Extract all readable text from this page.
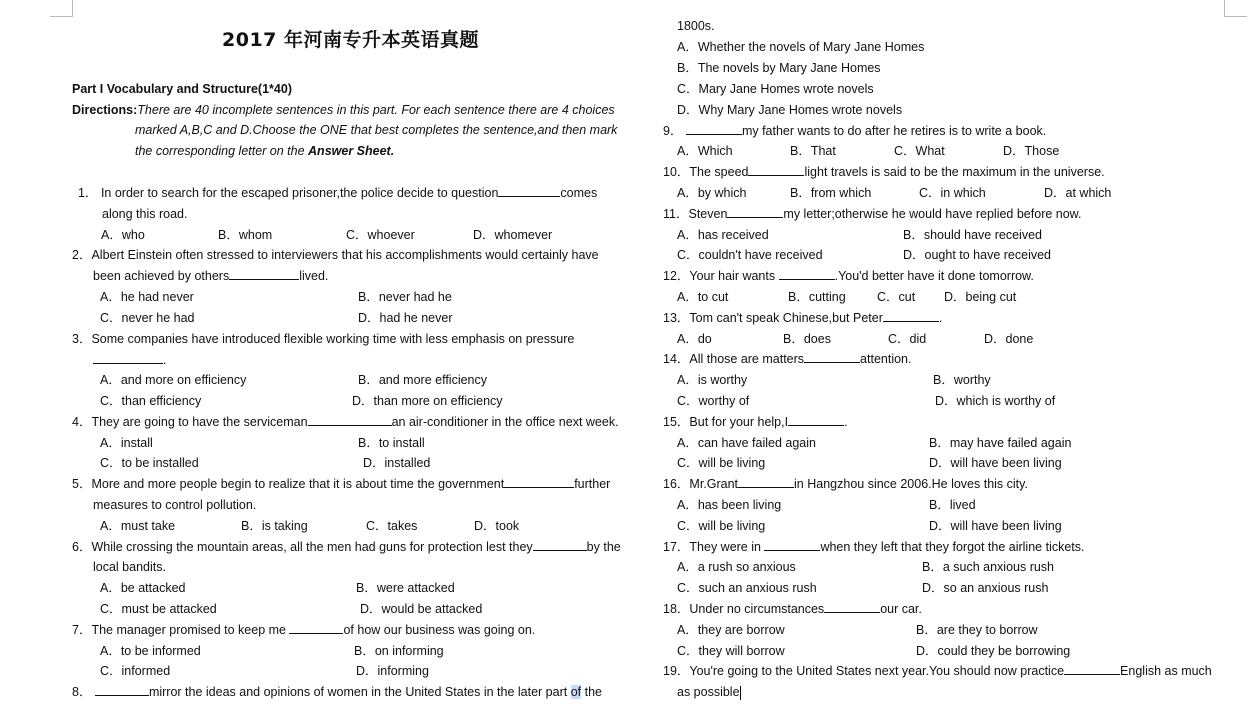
2017 年河南专升本英语真题
Part I Vocabulary and Structure(1*40)
Directions:There are 40 incomplete sentences in this part. For each sentence there are 4 choices
marked A,B,C and D.Choose the ONE that best completes the sentence,and then mark
the corresponding letter on the Answer Sheet.
1． In order to search for the escaped prisoner,the police decide to question	comes
along this road.
A．who	B．whom	C．whoever	D．whomever
2．Albert Einstein often stressed to interviewers that his accomplishments would certainly have
been achieved by others	lived.
A．he had never	B．never had he
C．never he had	D．had he never
3．Some companies have introduced flexible working time with less emphasis on pressure
.
A．and more on efficiency	B．and more efficiency
C．than efficiency	D．than more on efficiency
4．They are going to have the serviceman	an air-conditioner in the office next week.
A．install	B．to install
C．to be installed	D．installed
5．More and more people begin to realize that it is about time the government	further
measures to control pollution.
A．must take	B．is taking	C．takes	D．took
6．While crossing the mountain areas, all the men had guns for protection lest they	by the
local bandits.
A．be attacked	B．were attacked
C．must be attacked	D．would be attacked
7．The manager promised to keep me	of how our business was going on.
A．to be informed	B．on informing
C．informed	D．informing
8．	mirror the ideas and opinions of women in the United States in the later part of the
1800s.
A．Whether the novels of Mary Jane Homes
B．The novels by Mary Jane Homes
C．Mary Jane Homes wrote novels
D．Why Mary Jane Homes wrote novels
9．	my father wants to do after he retires is to write a book.
A．Which	B．That	C．What	D．Those
10．The speed	light travels is said to be the maximum in the universe.
A．by which	B．from which	C．in which	D．at which
11．Steven	my letter;otherwise he would have replied before now.
A．has received	B．should have received
C．couldn't have received	D．ought to have received
12．Your hair wants	.You'd better have it done tomorrow.
A．to cut	B．cutting	C．cut D．being cut
13．Tom can't speak Chinese,but Peter	.
A．do	B．does	C．did	D．done
14．All those are matters	attention.
A．is worthy	B．worthy
C．worthy of	D．which is worthy of
15．But for your help,I	.
A．can have failed again	B．may have failed again
C．will be living	D．will have been living
16．Mr.Grant	in Hangzhou since 2006.He loves this city.
A．has been living	B．lived
C．will be living	D．will have been living
17．They were in	when they left that they forgot the airline tickets.
A．a rush so anxious	B．a such anxious rush
C．such an anxious rush	D．so an anxious rush
18．Under no circumstances	our car.
A．they are borrow	B．are they to borrow
C．they will borrow	D．could they be borrowing
19．You're going to the United States next year.You should now practice	English as much
as possible
